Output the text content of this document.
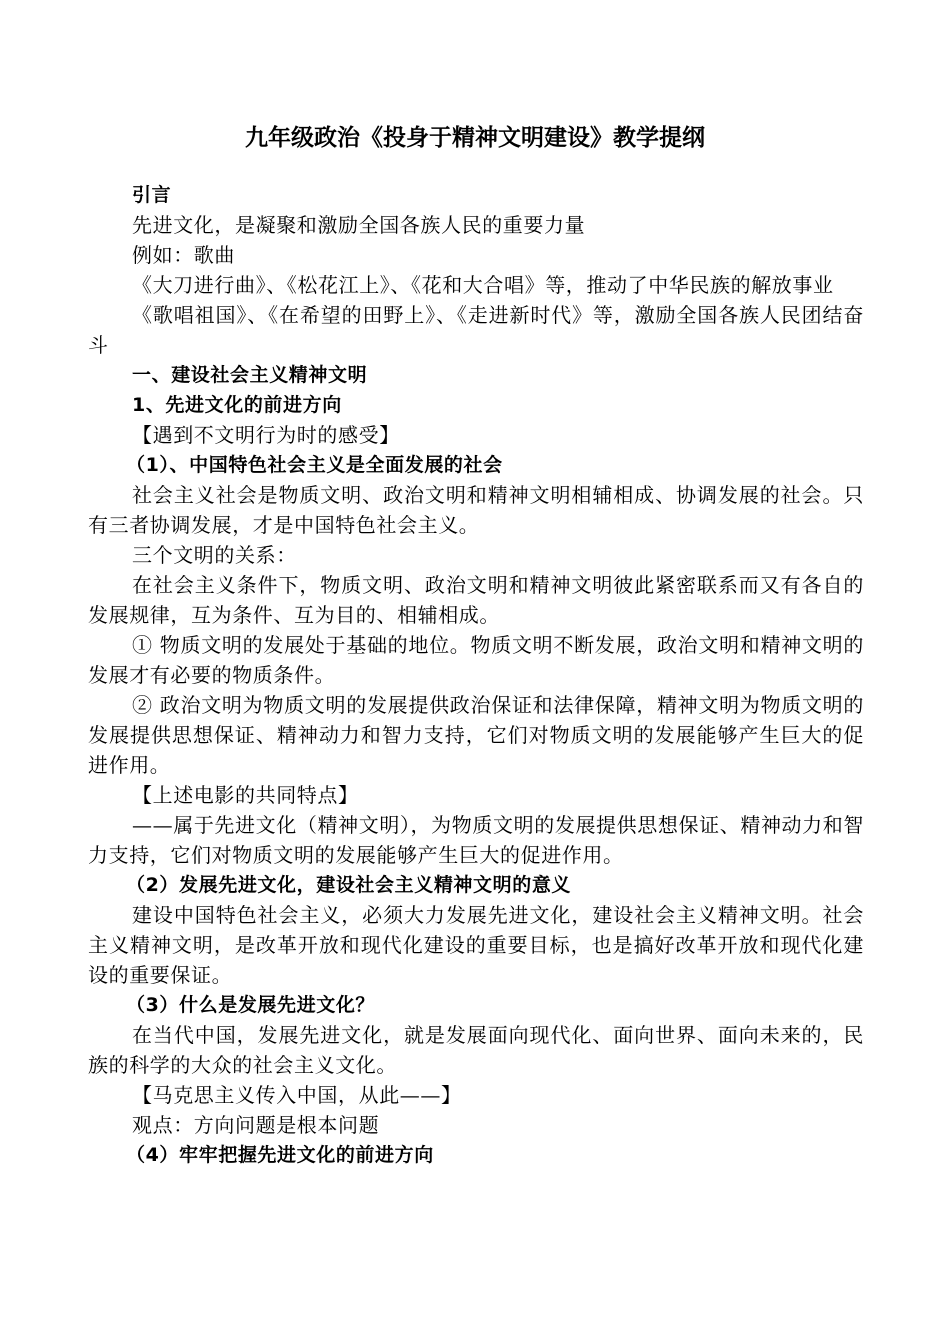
九年级政治《投身于精神文明建设》教学提纲

引言

先进文化，是凝聚和激励全国各族人民的重要力量

例如：歌曲

《大刀进行曲》、《松花江上》、《花和大合唱》等，推动了中华民族的解放事业

《歌唱祖国》、《在希望的田野上》、《走进新时代》等，激励全国各族人民团结奋斗

一、建设社会主义精神文明

1、先进文化的前进方向

【遇到不文明行为时的感受】

（1）、中国特色社会主义是全面发展的社会

社会主义社会是物质文明、政治文明和精神文明相辅相成、协调发展的社会。只有三者协调发展，才是中国特色社会主义。

三个文明的关系：

在社会主义条件下，物质文明、政治文明和精神文明彼此紧密联系而又有各自的发展规律，互为条件、互为目的、相辅相成。

① 物质文明的发展处于基础的地位。物质文明不断发展，政治文明和精神文明的发展才有必要的物质条件。

② 政治文明为物质文明的发展提供政治保证和法律保障，精神文明为物质文明的发展提供思想保证、精神动力和智力支持，它们对物质文明的发展能够产生巨大的促进作用。

【上述电影的共同特点】

——属于先进文化（精神文明），为物质文明的发展提供思想保证、精神动力和智力支持，它们对物质文明的发展能够产生巨大的促进作用。

（2）发展先进文化，建设社会主义精神文明的意义

建设中国特色社会主义，必须大力发展先进文化，建设社会主义精神文明。社会主义精神文明，是改革开放和现代化建设的重要目标，也是搞好改革开放和现代化建设的重要保证。

（3）什么是发展先进文化？

在当代中国，发展先进文化，就是发展面向现代化、面向世界、面向未来的，民族的科学的大众的社会主义文化。

【马克思主义传入中国，从此——】

观点：方向问题是根本问题

（4）牢牢把握先进文化的前进方向
